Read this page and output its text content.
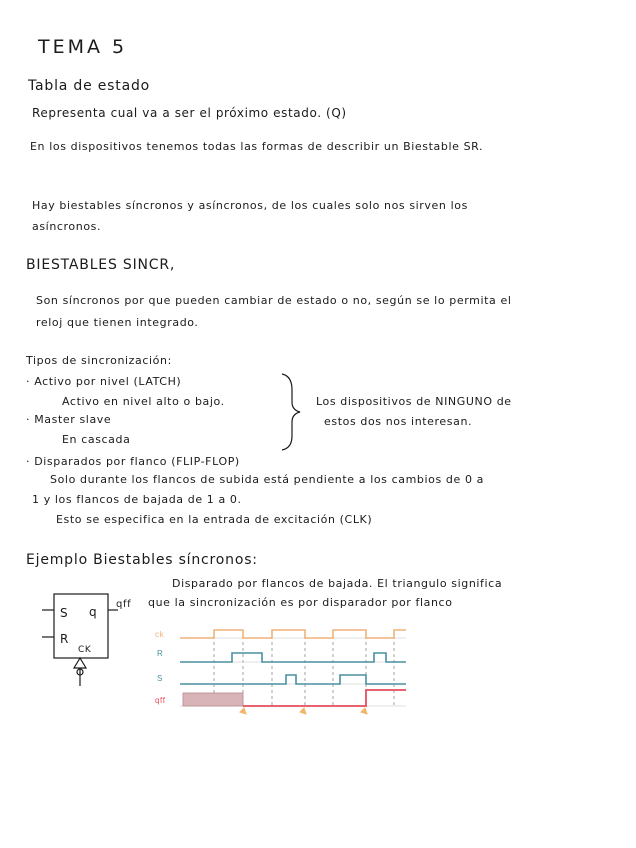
TEMA 5
Tabla de estado
Representa cual va a ser el próximo estado. (Q)
En los dispositivos tenemos todas las formas de describir un Biestable SR.
Hay biestables síncronos y asíncronos, de los cuales solo nos sirven los
asíncronos.
BIESTABLES SINCR,
Son síncronos por que pueden cambiar de estado o no, según se lo permita el
reloj que tienen integrado.
Tipos de sincronización:
· Activo por nivel (LATCH)
Activo en nivel alto o bajo.
· Master slave
En cascada
Los dispositivos de NINGUNO de
estos dos nos interesan.
· Disparados por flanco (FLIP-FLOP)
Solo durante los flancos de subida está pendiente a los cambios de 0 a
1 y los flancos de bajada de 1 a 0.
Esto se especifica en la entrada de excitación (CLK)
Ejemplo Biestables síncronos:
Disparado por flancos de bajada. El triangulo significa
que la sincronización es por disparador por flanco
S q
qff
R
CK
ck
R
S
qff
